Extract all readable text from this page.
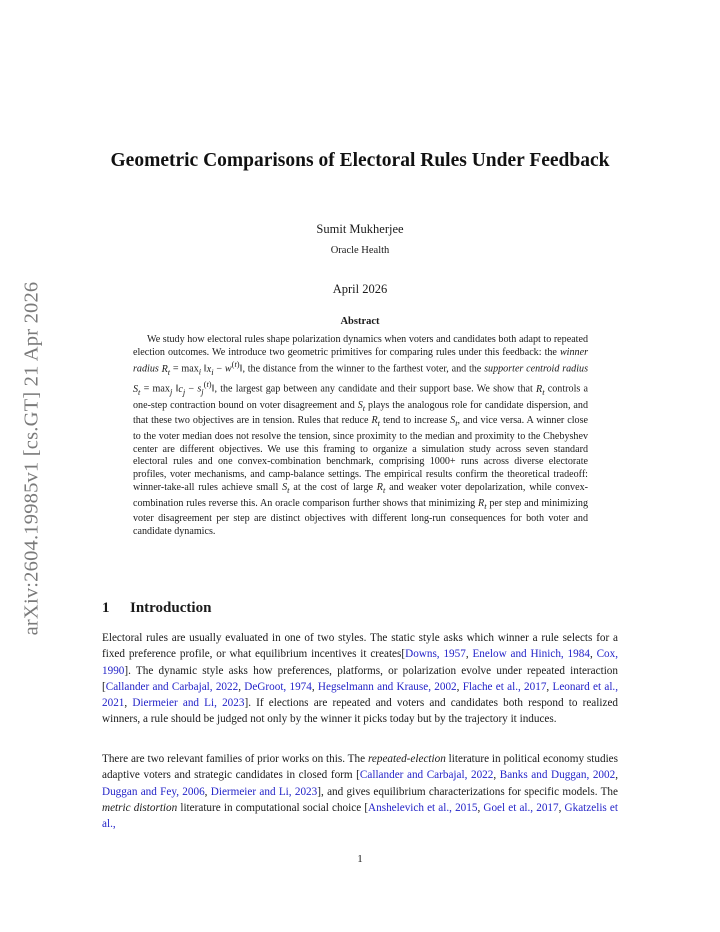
arXiv:2604.19985v1 [cs.GT] 21 Apr 2026
Geometric Comparisons of Electoral Rules Under Feedback
Sumit Mukherjee
Oracle Health
April 2026
Abstract

We study how electoral rules shape polarization dynamics when voters and candidates both adapt to repeated election outcomes. We introduce two geometric primitives for comparing rules under this feedback: the winner radius $R_t = \max_i$ $‖x_i$ − $w^{(t)}‖$, the distance from the winner to the farthest voter, and the supporter centroid radius $S_t = \max_j$ $‖c_j$ − $s_j^{(t)}‖$, the largest gap between any candidate and their support base. We show that $R_t$ controls a one-step contraction bound on voter disagreement and $S_t$ plays the analogous role for candidate dispersion, and that these two objectives are in tension. Rules that reduce $R_t$ tend to increase $S_t$, and vice versa. A winner close to the voter median does not resolve the tension, since proximity to the median and proximity to the Chebyshev center are different objectives. We use this framing to organize a simulation study across seven standard electoral rules and one convex-combination benchmark, comprising 1000+ runs across diverse electorate profiles, voter mechanisms, and camp-balance settings. The empirical results confirm the theoretical tradeoff: winner-take-all rules achieve small $S_t$ at the cost of large $R_t$ and weaker voter depolarization, while convex-combination rules reverse this. An oracle comparison further shows that minimizing $R_t$ per step and minimizing voter disagreement per step are distinct objectives with different long-run consequences for both voter and candidate dynamics.

1 Introduction

Electoral rules are usually evaluated in one of two styles. The static style asks which winner a rule selects for a fixed preference profile, or what equilibrium incentives it creates[Downs, 1957, Enelow and Hinich, 1984, Cox, 1990]. The dynamic style asks how preferences, platforms, or polarization evolve under repeated interaction [Callander and Carbajal, 2022, DeGroot, 1974, Hegselmann and Krause, 2002, Flache et al., 2017, Leonard et al., 2021, Diermeier and Li, 2023]. If elections are repeated and voters and candidates both respond to realized winners, a rule should be judged not only by the winner it picks today but by the trajectory it induces.

There are two relevant families of prior works on this. The repeated-election literature in political economy studies adaptive voters and strategic candidates in closed form [Callander and Carbajal, 2022, Banks and Duggan, 2002, Duggan and Fey, 2006, Diermeier and Li, 2023], and gives equilibrium characterizations for specific models. The metric distortion literature in computational social choice [Anshelevich et al., 2015, Goel et al., 2017, Gkatzelis et al.,

1
